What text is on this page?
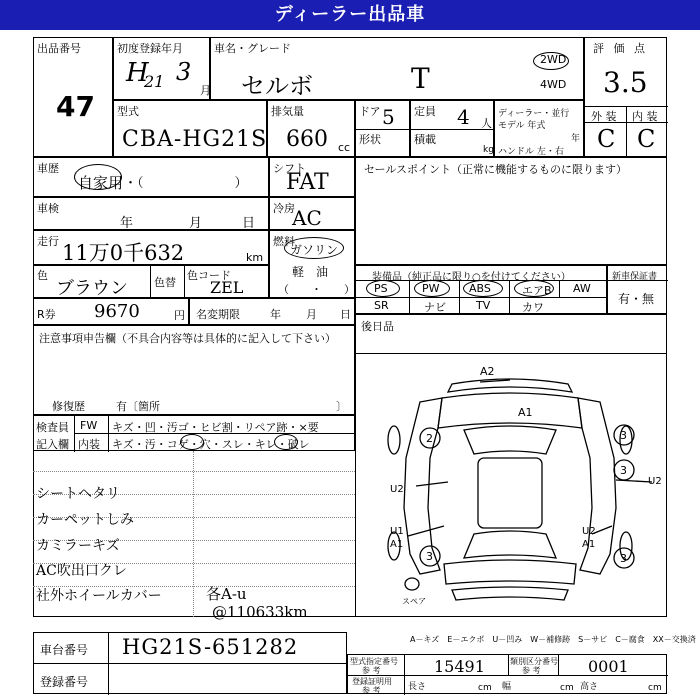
ディーラー出品車
出品番号
47
初度登録年月
H
21 3
月
車名・グレード
セルボ	T
2WD
4WD
評 価 点
3.5
外 装 内 装
C C
型式
CBA-HG21S
排気量
660 cc
ドア 5
形状
定員 4 人
積載
kg
ディーラー・並行
モデル 年式
年
ハンドル 左・右
車歴
自家用 ・（　　　　　　　）
シフト
FAT
車検
年	月	日
冷房
AC
走行 11万0千632	km
燃料
ガソリン
軽　油
（　　・　　）
色
ブラウン 色替
色コード
ZEL
R券 9670	円 名変期限	年 月 日
セールスポイント（正常に機能するものに限ります）
装備品（純正品に限り○を付けてください）
PS	PW	ABS	エアB AW
SR	ナビ	TV	カワ
新車保証書
有・無
後日品
注意事項申告欄（不具合内容等は具体的に記入して下さい）
修復歴	有〔箇所	〕
検査員
記入欄
FW キズ・凹・汚ゴ・ヒビ割・リペア跡・×要
内装 キズ・汚・コゲ・穴・スレ・キレ・破レ
シートヘタリ
カーペットしみ
カミラーキズ
AC吹出口クレ
社外ホイールカバー	各A-u
@110633km
A2
A1
2	3
3
3	3
U2
U2
U1
A1
U2
A1
スペア
A－キズ　E－エクボ　U－凹み　W－補修跡　S－サビ　C－腐食　XX－交換済
車台番号 HG21S-651282
登録番号
型式指定番号
参 考	15491	類別区分番号
参 考	0001
登録証明用
参 考	長さ	cm 幅	cm 高さ	cm
